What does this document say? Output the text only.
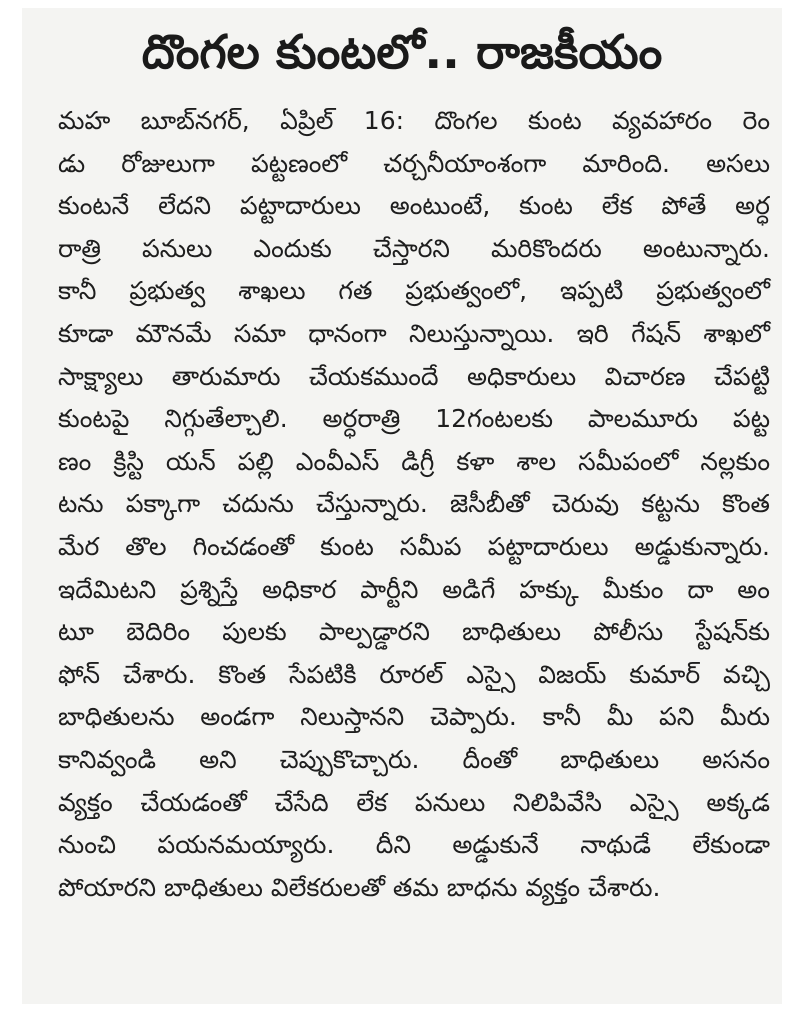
దొంగల కుంటలో.. రాజకీయం
మహ బూబ్‌నగర్, ఏప్రిల్ 16: దొంగల కుంట వ్యవహారం రెం
డు రోజులుగా పట్టణంలో చర్చనీయాంశంగా మారింది. అసలు
కుంటనే లేదని పట్టాదారులు అంటుంటే, కుంట లేక పోతే అర్ధ
రాత్రి పనులు ఎందుకు చేస్తారని మరికొందరు అంటున్నారు.
కానీ ప్రభుత్వ శాఖలు గత ప్రభుత్వంలో, ఇప్పటి ప్రభుత్వంలో
కూడా మౌనమే సమా ధానంగా నిలుస్తున్నాయి. ఇరి గేషన్ శాఖలో
సాక్ష్యాలు తారుమారు చేయకముందే అధికారులు విచారణ చేపట్టి
కుంటపై నిగ్గుతేల్చాలి. అర్ధరాత్రి 12గంటలకు పాలమూరు పట్ట
ణం క్రిస్టి యన్ పల్లి ఎంవీఎస్ డిగ్రీ కళా శాల సమీపంలో నల్లకుం
టను పక్కాగా చదును చేస్తున్నారు. జెసీబీతో చెరువు కట్టను కొంత
మేర తొల గించడంతో కుంట సమీప పట్టాదారులు అడ్డుకున్నారు.
ఇదేమిటని ప్రశ్నిస్తే అధికార పార్టీని అడిగే హక్కు మీకుం దా అం
టూ బెదిరిం పులకు పాల్పడ్డారని బాధితులు పోలీసు స్టేషన్‌కు
ఫోన్ చేశారు. కొంత సేపటికి రూరల్ ఎస్సై విజయ్ కుమార్ వచ్చి
బాధితులను అండగా నిలుస్తానని చెప్పారు. కానీ మీ పని మీరు
కానివ్వండి అని చెప్పుకొచ్చారు. దీంతో బాధితులు అసనం
వ్యక్తం చేయడంతో చేసేది లేక పనులు నిలిపివేసి ఎస్సై అక్కడ
నుంచి పయనమయ్యారు. దీని అడ్డుకునే నాథుడే లేకుండా
పోయారని బాధితులు విలేకరులతో తమ బాధను వ్యక్తం చేశారు.
